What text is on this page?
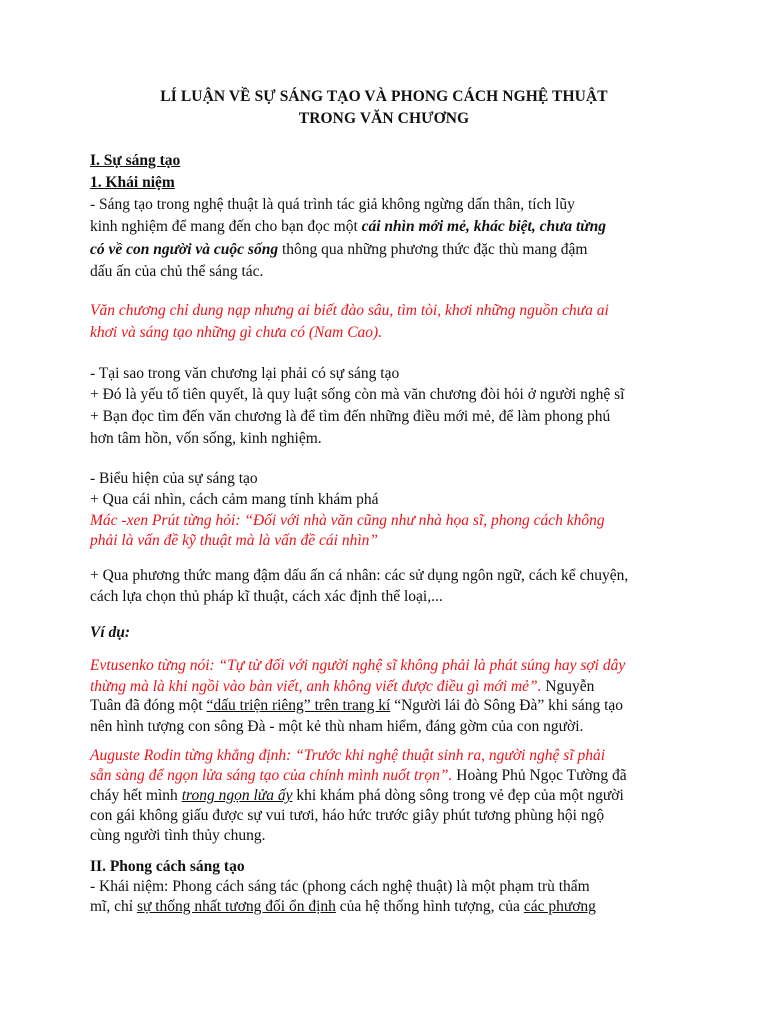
LÍ LUẬN VỀ SỰ SÁNG TẠO VÀ PHONG CÁCH NGHỆ THUẬT
TRONG VĂN CHƯƠNG
I. Sự sáng tạo
1. Khái niệm
- Sáng tạo trong nghệ thuật là quá trình tác giả không ngừng dấn thân, tích lũy
kinh nghiệm để mang đến cho bạn đọc một cái nhìn mới mẻ, khác biệt, chưa từng
có về con người và cuộc sống thông qua những phương thức đặc thù mang đậm
dấu ấn của chủ thể sáng tác.
Văn chương chỉ dung nạp nhưng ai biết đào sâu, tìm tòi, khơi những nguồn chưa ai
khơi và sáng tạo những gì chưa có (Nam Cao).
- Tại sao trong văn chương lại phải có sự sáng tạo
+ Đó là yếu tố tiên quyết, là quy luật sống còn mà văn chương đòi hỏi ở người nghệ sĩ
+ Bạn đọc tìm đến văn chương là để tìm đến những điều mới mẻ, để làm phong phú
hơn tâm hồn, vốn sống, kinh nghiệm.
- Biểu hiện của sự sáng tạo
+ Qua cái nhìn, cách cảm mang tính khám phá
Mác -xen Prút từng hỏi: “Đối với nhà văn cũng như nhà họa sĩ, phong cách không
phải là vấn đề kỹ thuật mà là vấn đề cái nhìn”
+ Qua phương thức mang đậm dấu ấn cá nhân: các sử dụng ngôn ngữ, cách kể chuyện,
cách lựa chọn thủ pháp kĩ thuật, cách xác định thể loại,...
Ví dụ:
Evtusenko từng nói: “Tự từ đối với người nghệ sĩ không phải là phát súng hay sợi dây
thừng mà là khi ngồi vào bàn viết, anh không viết được điều gì mới mẻ”. Nguyễn
Tuân đã đóng một “dấu triện riêng” trên trang kí “Người lái đò Sông Đà” khi sáng tạo
nên hình tượng con sông Đà - một kẻ thù nham hiểm, đáng gờm của con người.
Auguste Rodin từng khẳng định: “Trước khi nghệ thuật sinh ra, người nghệ sĩ phải
sẵn sàng để ngọn lửa sáng tạo của chính mình nuốt trọn”. Hoàng Phủ Ngọc Tường đã
cháy hết mình trong ngọn lửa ấy khi khám phá dòng sông trong vẻ đẹp của một người
con gái không giấu được sự vui tươi, háo hức trước giây phút tương phùng hội ngộ
cùng người tình thủy chung.
II. Phong cách sáng tạo
- Khái niệm: Phong cách sáng tác (phong cách nghệ thuật) là một phạm trù thẩm
mĩ, chỉ sự thống nhất tương đối ổn định của hệ thống hình tượng, của các phương
